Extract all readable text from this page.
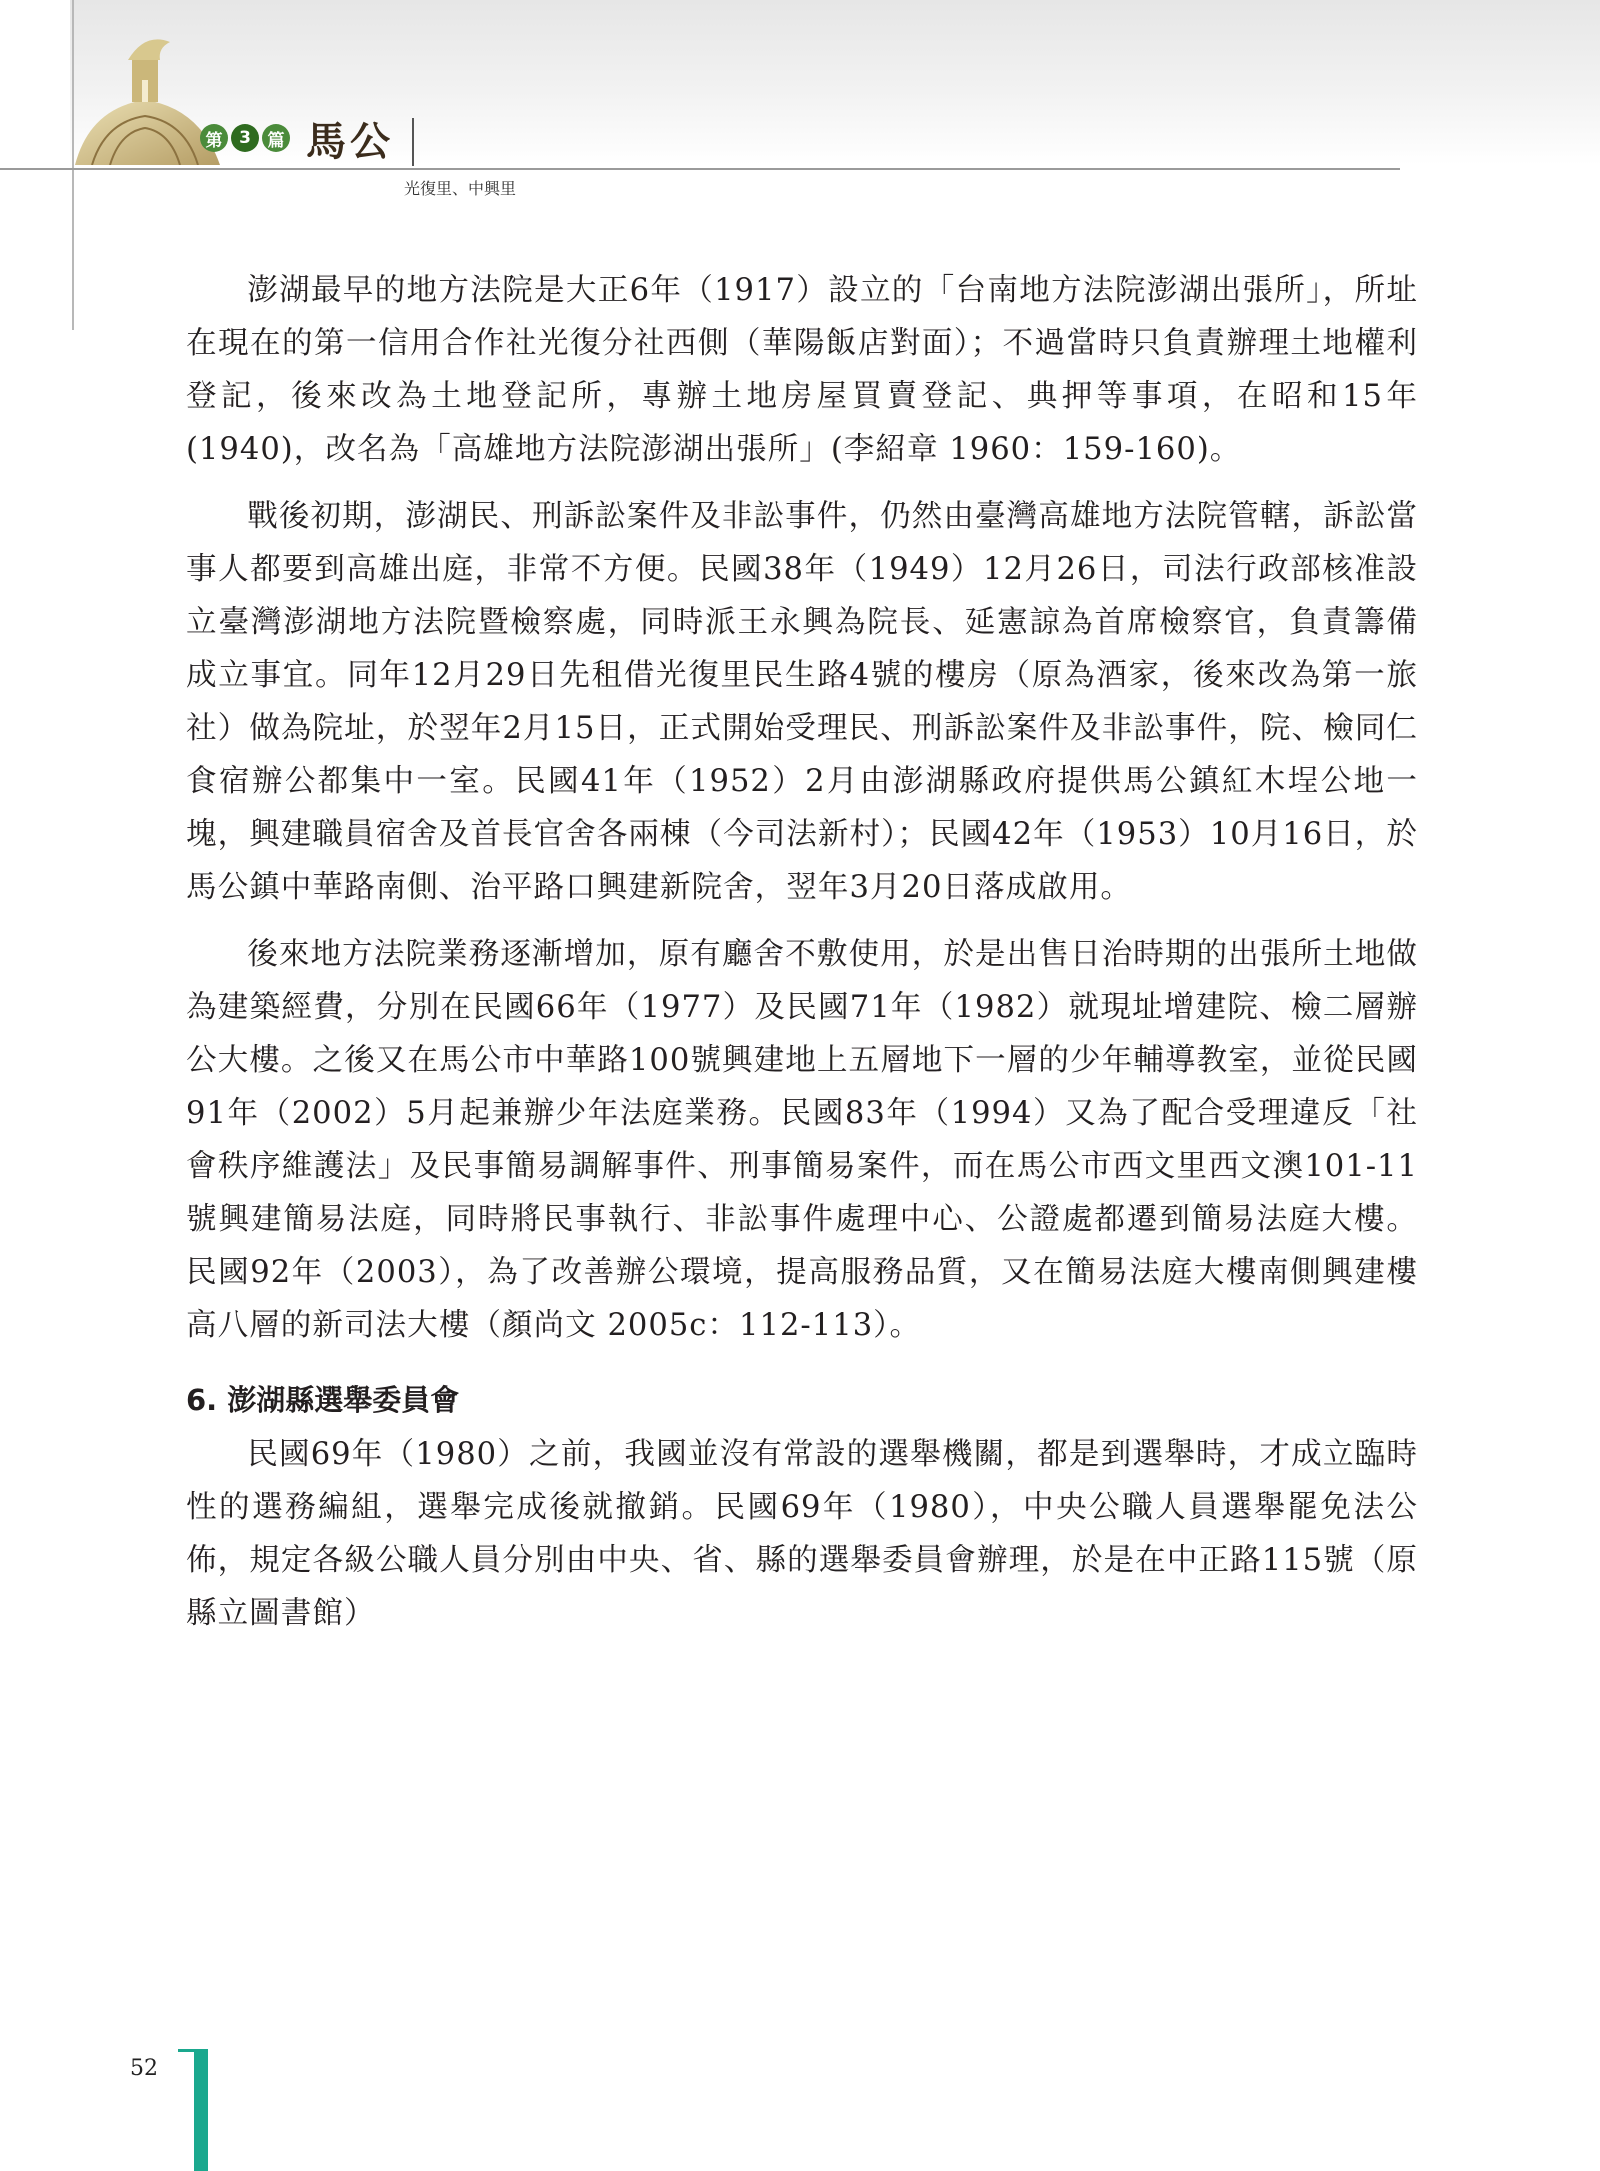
第 3 篇 馬公
光復里、中興里

澎湖最早的地方法院是大正6年（1917）設立的「台南地方法院澎湖出張所」，所址在現在的第一信用合作社光復分社西側（華陽飯店對面）；不過當時只負責辦理土地權利登記，後來改為土地登記所，專辦土地房屋買賣登記、典押等事項，在昭和15年(1940)，改名為「高雄地方法院澎湖出張所」(李紹章 1960：159-160)。

戰後初期，澎湖民、刑訴訟案件及非訟事件，仍然由臺灣高雄地方法院管轄，訴訟當事人都要到高雄出庭，非常不方便。民國38年（1949）12月26日，司法行政部核准設立臺灣澎湖地方法院暨檢察處，同時派王永興為院長、延憲諒為首席檢察官，負責籌備成立事宜。同年12月29日先租借光復里民生路4號的樓房（原為酒家，後來改為第一旅社）做為院址，於翌年2月15日，正式開始受理民、刑訴訟案件及非訟事件，院、檢同仁食宿辦公都集中一室。民國41年（1952）2月由澎湖縣政府提供馬公鎮紅木埕公地一塊，興建職員宿舍及首長官舍各兩棟（今司法新村）；民國42年（1953）10月16日，於馬公鎮中華路南側、治平路口興建新院舍，翌年3月20日落成啟用。

後來地方法院業務逐漸增加，原有廳舍不敷使用，於是出售日治時期的出張所土地做為建築經費，分別在民國66年（1977）及民國71年（1982）就現址增建院、檢二層辦公大樓。之後又在馬公市中華路100號興建地上五層地下一層的少年輔導教室，並從民國91年（2002）5月起兼辦少年法庭業務。民國83年（1994）又為了配合受理違反「社會秩序維護法」及民事簡易調解事件、刑事簡易案件，而在馬公市西文里西文澳101-11號興建簡易法庭，同時將民事執行、非訟事件處理中心、公證處都遷到簡易法庭大樓。民國92年（2003），為了改善辦公環境，提高服務品質，又在簡易法庭大樓南側興建樓高八層的新司法大樓（顏尚文 2005c：112-113）。

6. 澎湖縣選舉委員會

民國69年（1980）之前，我國並沒有常設的選舉機關，都是到選舉時，才成立臨時性的選務編組，選舉完成後就撤銷。民國69年（1980），中央公職人員選舉罷免法公佈，規定各級公職人員分別由中央、省、縣的選舉委員會辦理，於是在中正路115號（原縣立圖書館）

52
